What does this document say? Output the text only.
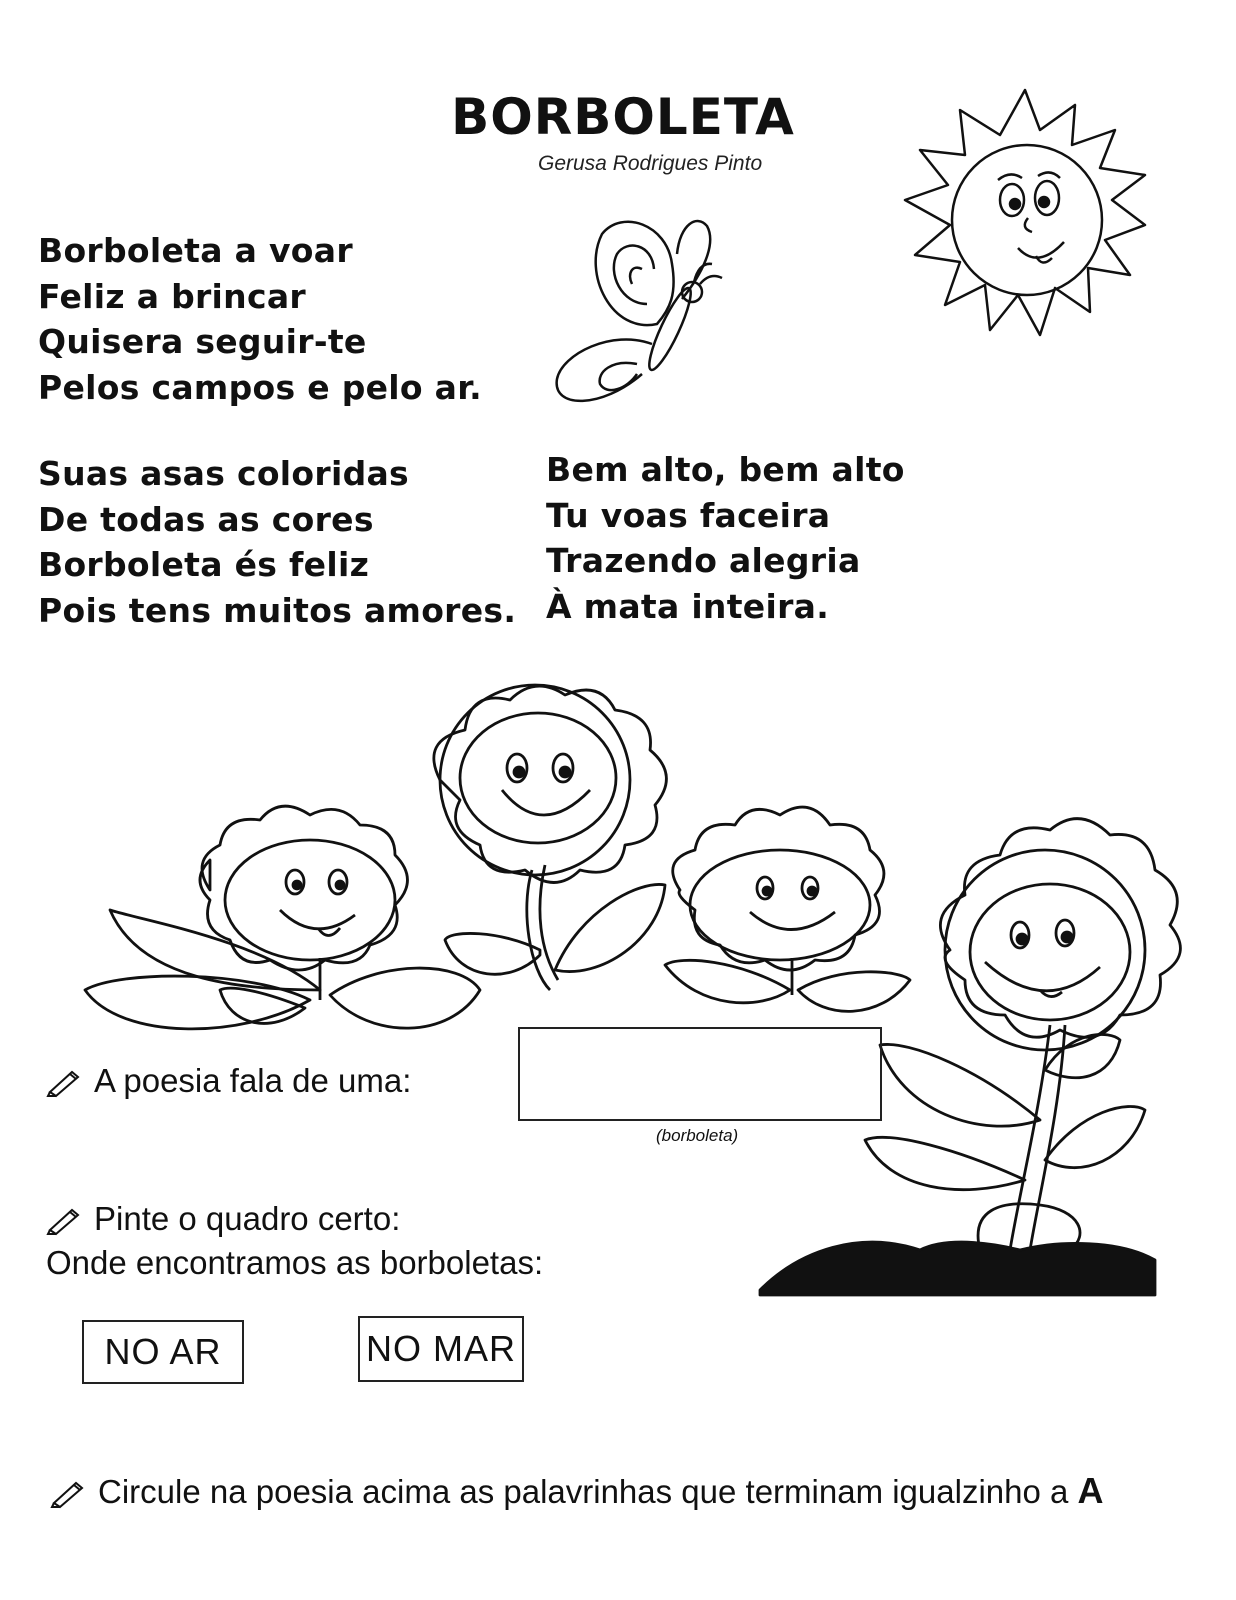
BORBOLETA
Gerusa Rodrigues Pinto
Borboleta a voar
Feliz a brincar
Quisera seguir-te
Pelos campos e pelo ar.
Suas asas coloridas
De todas as cores
Borboleta és feliz
Pois tens muitos amores.
Bem alto, bem alto
Tu voas faceira
Trazendo alegria
À mata inteira.
A poesia fala de uma:
(borboleta)
Pinte o quadro certo:
Onde encontramos as borboletas:
NO AR	NO MAR
Circule na poesia acima as palavrinhas que terminam igualzinho a A
